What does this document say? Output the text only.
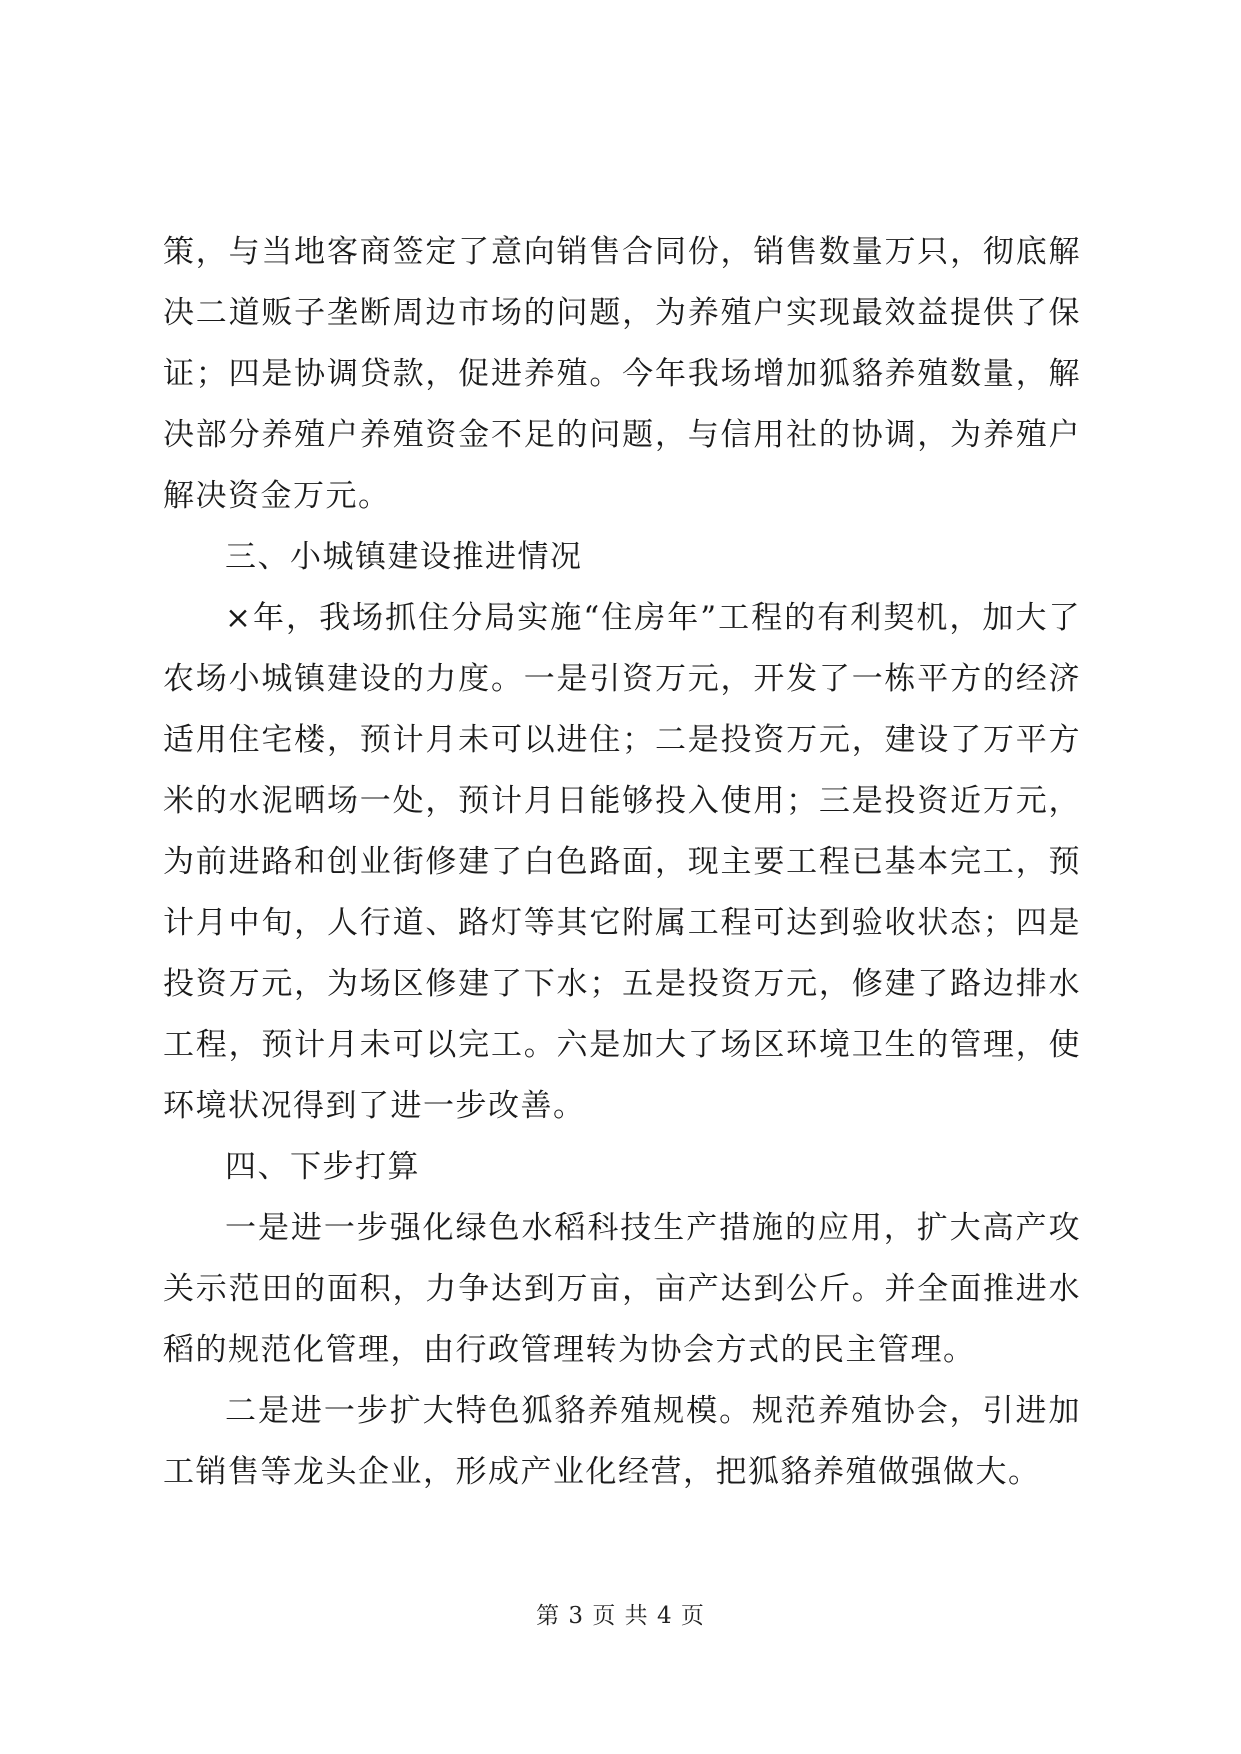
策，与当地客商签定了意向销售合同份，销售数量万只，彻底解决二道贩子垄断周边市场的问题，为养殖户实现最效益提供了保证；四是协调贷款，促进养殖。今年我场增加狐貉养殖数量，解决部分养殖户养殖资金不足的问题，与信用社的协调，为养殖户解决资金万元。

三、小城镇建设推进情况

×年，我场抓住分局实施“住房年”工程的有利契机，加大了农场小城镇建设的力度。一是引资万元，开发了一栋平方的经济适用住宅楼，预计月未可以进住；二是投资万元，建设了万平方米的水泥晒场一处，预计月日能够投入使用；三是投资近万元，为前进路和创业街修建了白色路面，现主要工程已基本完工，预计月中旬，人行道、路灯等其它附属工程可达到验收状态；四是投资万元，为场区修建了下水；五是投资万元，修建了路边排水工程，预计月未可以完工。六是加大了场区环境卫生的管理，使环境状况得到了进一步改善。

四、下步打算

一是进一步强化绿色水稻科技生产措施的应用，扩大高产攻关示范田的面积，力争达到万亩，亩产达到公斤。并全面推进水稻的规范化管理，由行政管理转为协会方式的民主管理。

二是进一步扩大特色狐貉养殖规模。规范养殖协会，引进加工销售等龙头企业，形成产业化经营，把狐貉养殖做强做大。

第 3 页 共 4 页
